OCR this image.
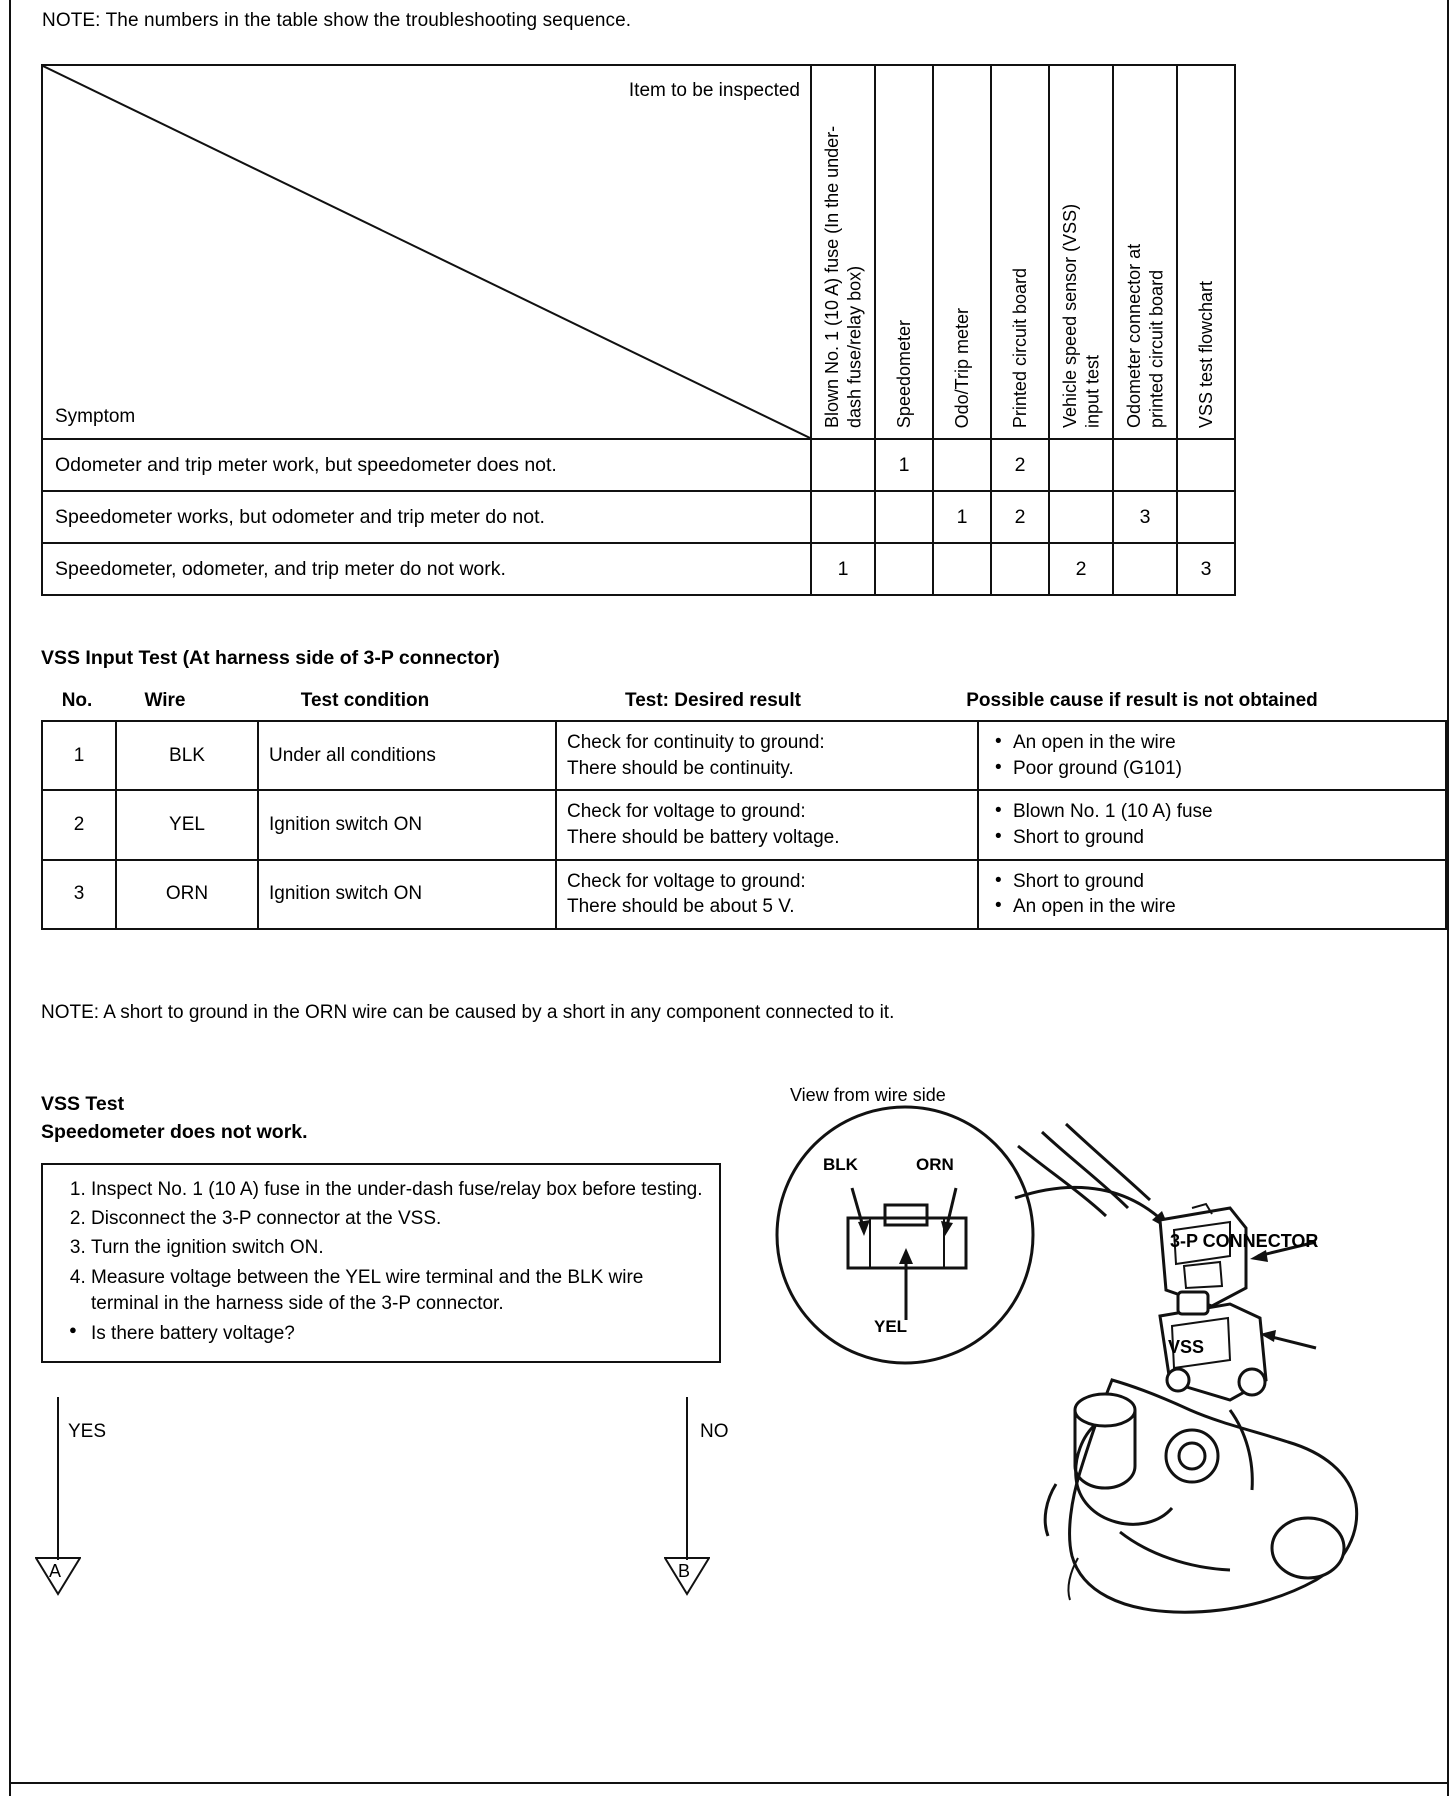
NOTE: The numbers in the table show the troubleshooting sequence.
Item to be inspected
Symptom	Blown No. 1 (10 A) fuse (In the under-dash fuse/relay box)	Speedometer	Odo/Trip meter	Printed circuit board	Vehicle speed sensor (VSS) input test	Odometer connector at printed circuit board	VSS test flowchart

Odometer and trip meter work, but speedometer does not.		1		2			
Speedometer works, but odometer and trip meter do not.			1	2		3	
Speedometer, odometer, and trip meter do not work.	1				2		3
VSS Input Test (At harness side of 3-P connector)
No.	Wire	Test condition	Test: Desired result	Possible cause if result is not obtained
1	BLK	Under all conditions	
Check for continuity to ground:
There should be continuity.

• An open in the wire
• Poor ground (G101)

2	YEL	Ignition switch ON	
Check for voltage to ground:
There should be battery voltage.

• Blown No. 1 (10 A) fuse
• Short to ground

3	ORN	Ignition switch ON	
Check for voltage to ground:
There should be about 5 V.

• Short to ground
• An open in the wire
NOTE: A short to ground in the ORN wire can be caused by a short in any component connected to it.
VSS Test
Speedometer does not work.
1. Inspect No. 1 (10 A) fuse in the under-dash fuse/relay box before testing.
2. Disconnect the 3-P connector at the VSS.
3. Turn the ignition switch ON.
4. Measure voltage between the YEL wire terminal and the BLK wire terminal in the harness side of the 3-P connector.
● Is there battery voltage?
YES	NO
A	B
View from wire side
BLK	ORN
YEL
3-P CONNECTOR
VSS
